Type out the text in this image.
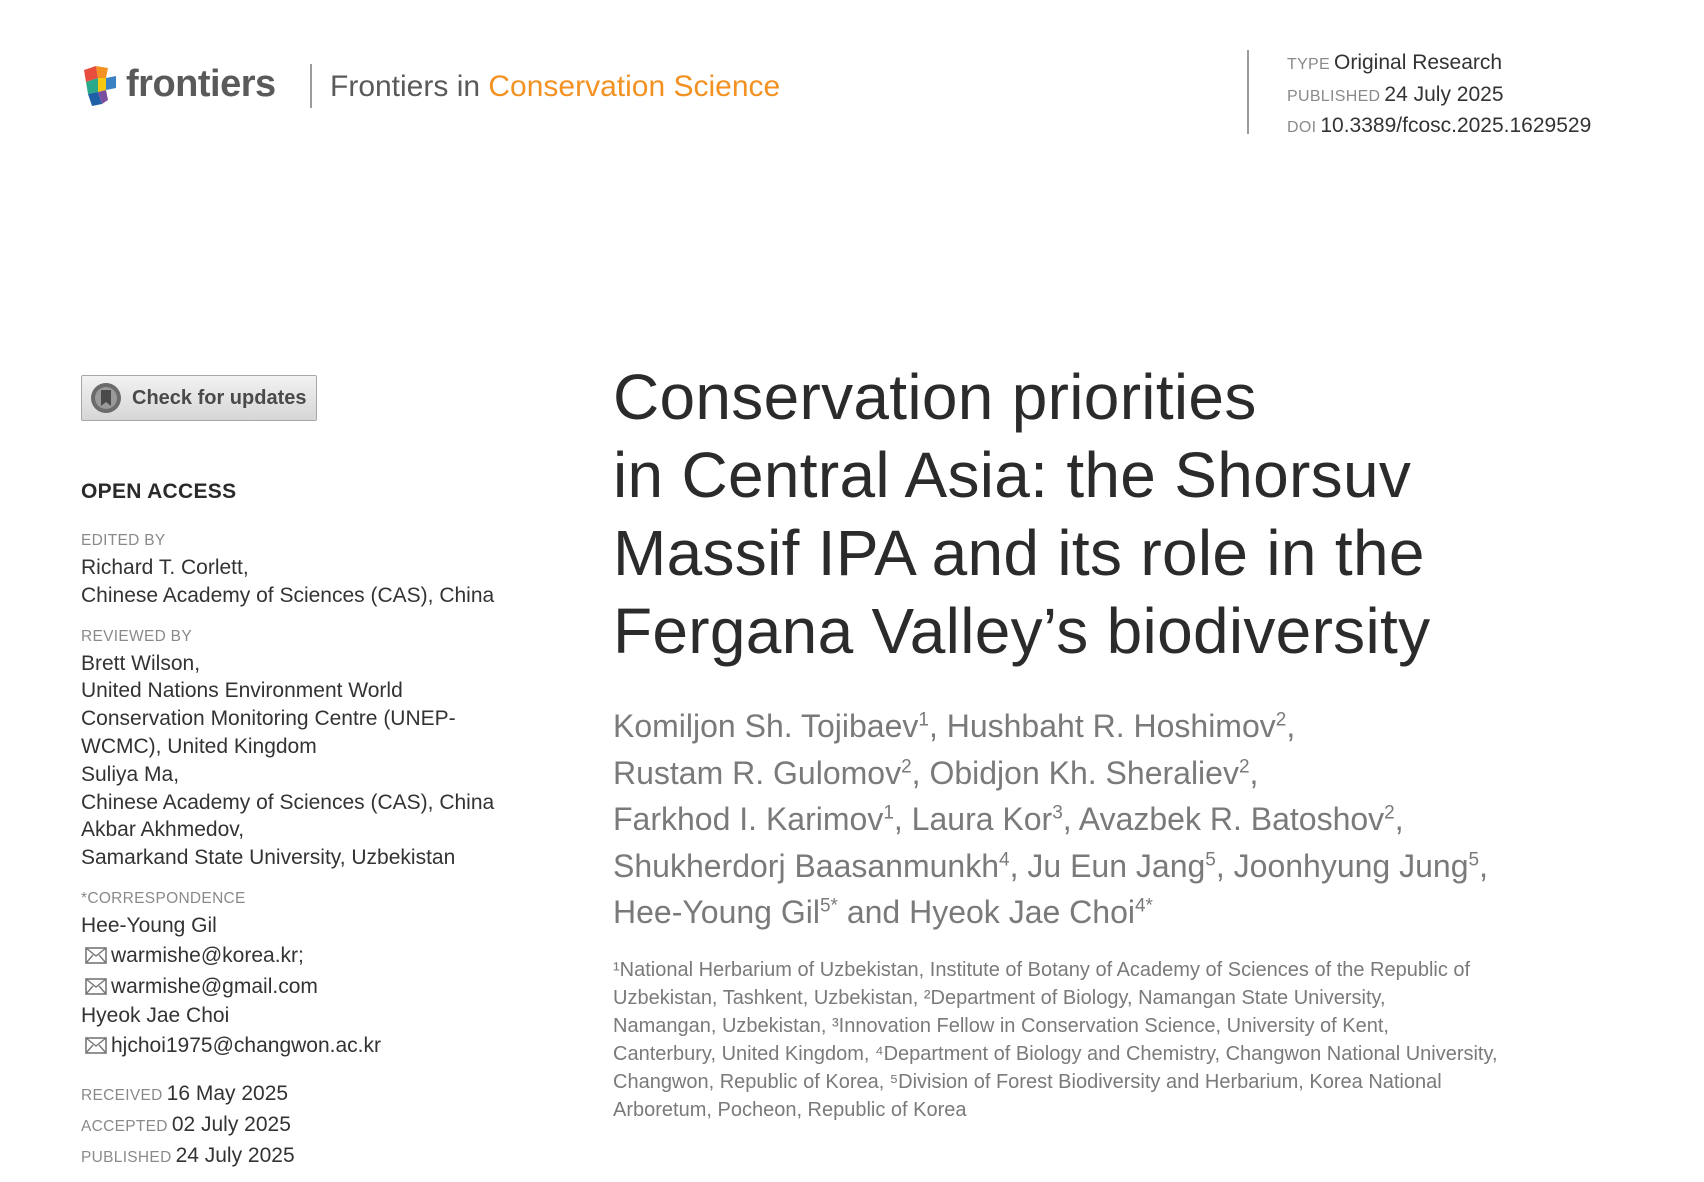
frontiers Frontiers in Conservation Science
TYPE Original Research
PUBLISHED 24 July 2025
DOI 10.3389/fcosc.2025.1629529
Check for updates
OPEN ACCESS
EDITED BY
Richard T. Corlett,
Chinese Academy of Sciences (CAS), China
REVIEWED BY
Brett Wilson,
United Nations Environment World
Conservation Monitoring Centre (UNEP-
WCMC), United Kingdom
Suliya Ma,
Chinese Academy of Sciences (CAS), China
Akbar Akhmedov,
Samarkand State University, Uzbekistan
*CORRESPONDENCE
Hee-Young Gil
warmishe@korea.kr;
warmishe@gmail.com
Hyeok Jae Choi
hjchoi1975@changwon.ac.kr
RECEIVED 16 May 2025
ACCEPTED 02 July 2025
PUBLISHED 24 July 2025
Conservation priorities
in Central Asia: the Shorsuv
Massif IPA and its role in the
Fergana Valley’s biodiversity
Komiljon Sh. Tojibaev$^1$, Hushbaht R. Hoshimov$^2$,
Rustam R. Gulomov$^2$, Obidjon Kh. Sheraliev$^2$,
Farkhod I. Karimov$^1$, Laura Kor$^3$, Avazbek R. Batoshov$^2$,
Shukherdorj Baasanmunkh$^4$, Ju Eun Jang$^5$, Joonhyung Jung$^5$,
Hee-Young Gil$^{5*}$ and Hyeok Jae Choi$^{4*}$
¹National Herbarium of Uzbekistan, Institute of Botany of Academy of Sciences of the Republic of
Uzbekistan, Tashkent, Uzbekistan, ²Department of Biology, Namangan State University,
Namangan, Uzbekistan, ³Innovation Fellow in Conservation Science, University of Kent,
Canterbury, United Kingdom, ⁴Department of Biology and Chemistry, Changwon National University,
Changwon, Republic of Korea, ⁵Division of Forest Biodiversity and Herbarium, Korea National
Arboretum, Pocheon, Republic of Korea
